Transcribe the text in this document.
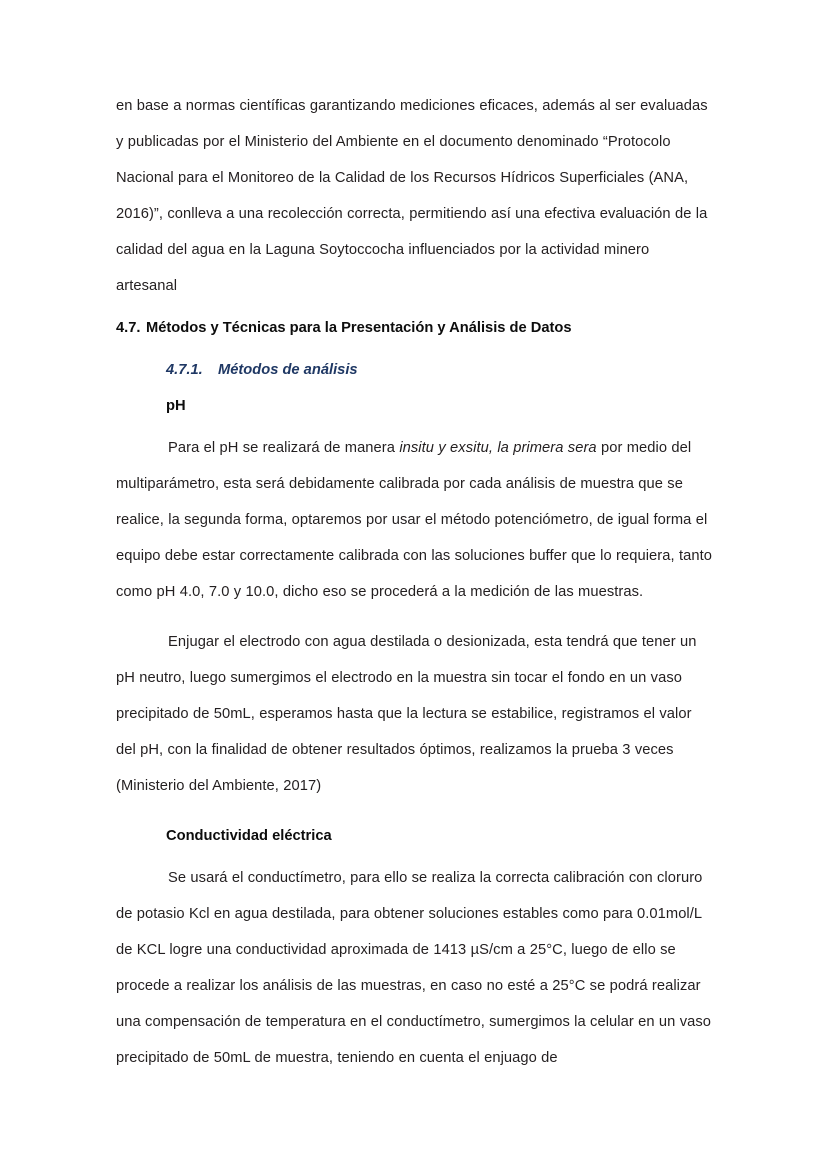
en base a normas científicas garantizando mediciones eficaces, además al ser evaluadas y publicadas por el Ministerio del Ambiente en el documento denominado “Protocolo Nacional para el Monitoreo de la Calidad de los Recursos Hídricos Superficiales (ANA, 2016)”, conlleva a una recolección correcta, permitiendo así una efectiva evaluación de la calidad del agua en la Laguna Soytoccocha influenciados por la actividad minero artesanal

4.7. Métodos y Técnicas para la Presentación y Análisis de Datos

4.7.1. Métodos de análisis

pH

Para el pH se realizará de manera insitu y exsitu, la primera sera por medio del multiparámetro, esta será debidamente calibrada por cada análisis de muestra que se realice, la segunda forma, optaremos por usar el método potenciómetro, de igual forma el equipo debe estar correctamente calibrada con las soluciones buffer que lo requiera, tanto como pH 4.0, 7.0 y 10.0, dicho eso se procederá a la medición de las muestras.

Enjugar el electrodo con agua destilada o desionizada, esta tendrá que tener un pH neutro, luego sumergimos el electrodo en la muestra sin tocar el fondo en un vaso precipitado de 50mL, esperamos hasta que la lectura se estabilice, registramos el valor del pH, con la finalidad de obtener resultados óptimos, realizamos la prueba 3 veces (Ministerio del Ambiente, 2017)

Conductividad eléctrica

Se usará el conductímetro, para ello se realiza la correcta calibración con cloruro de potasio Kcl en agua destilada, para obtener soluciones estables como para 0.01mol/L de KCL logre una conductividad aproximada de 1413 µS/cm a 25°C, luego de ello se procede a realizar los análisis de las muestras, en caso no esté a 25°C se podrá realizar una compensación de temperatura en el conductímetro, sumergimos la celular en un vaso precipitado de 50mL de muestra, teniendo en cuenta el enjuago de
